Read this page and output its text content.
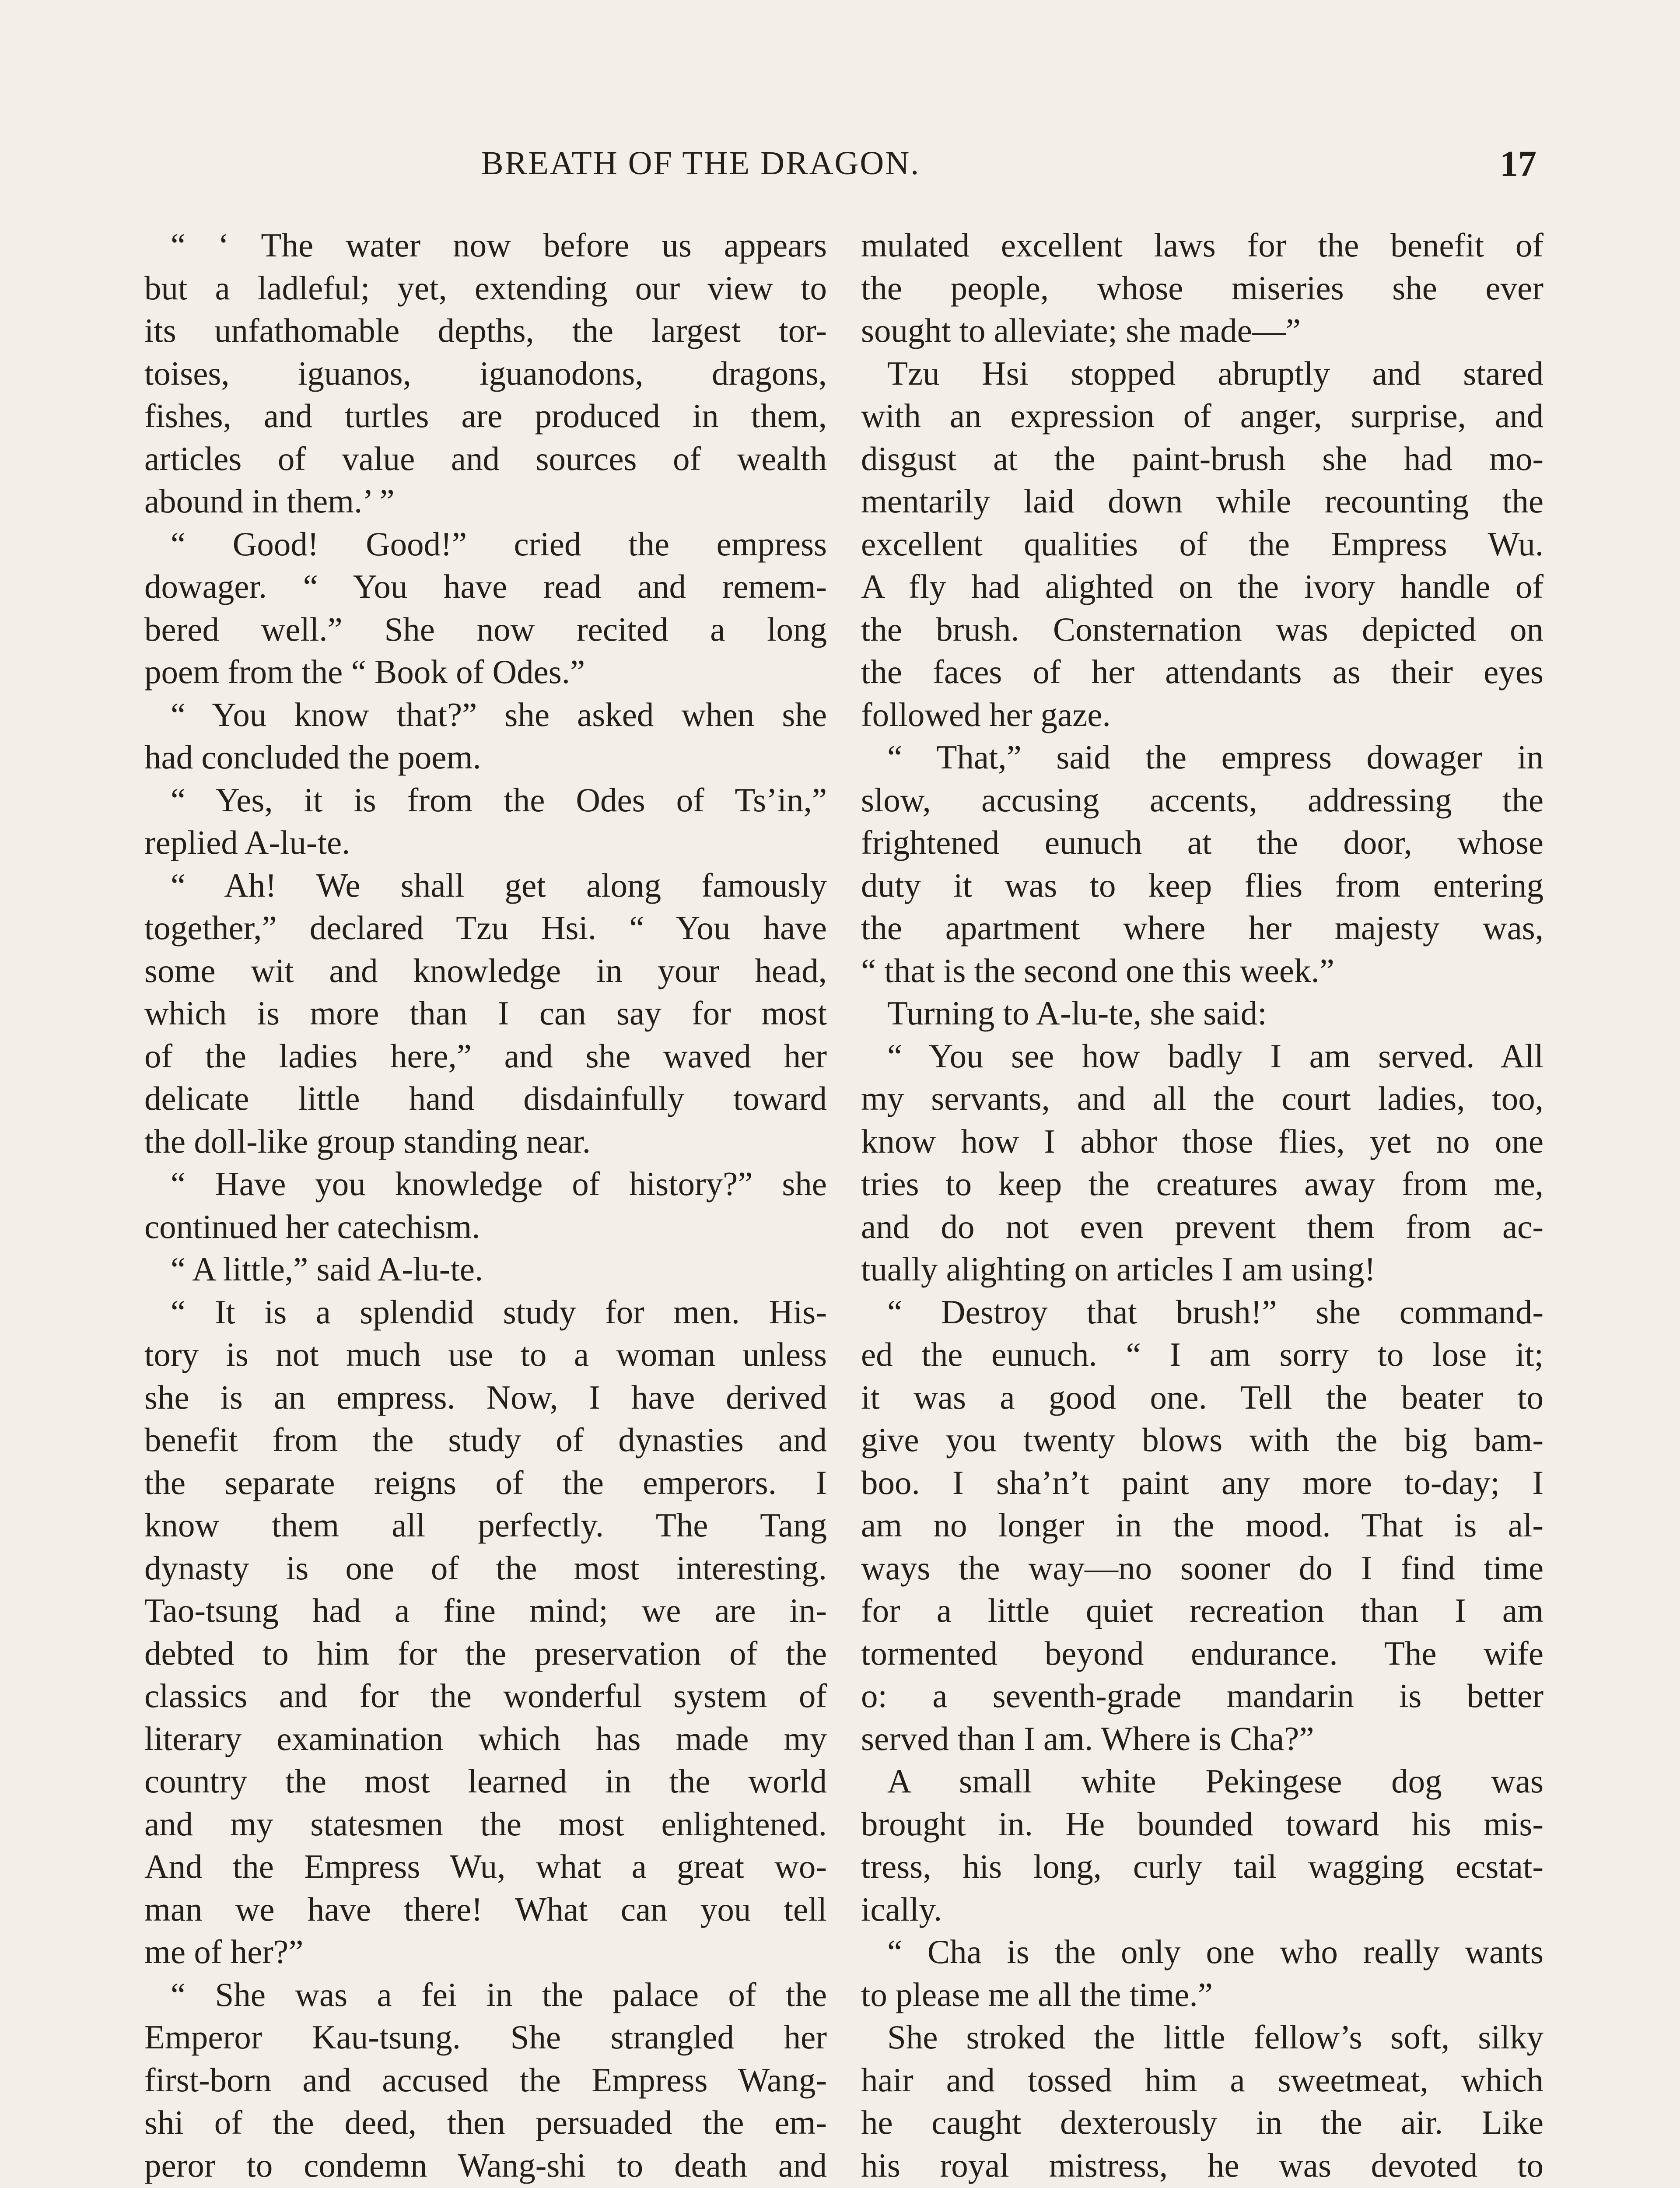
BREATH OF THE DRAGON.	17
“ ‘ The water now before us appears
but a ladleful; yet, extending our view to
its unfathomable depths, the largest tor-
toises, iguanos, iguanodons, dragons,
fishes, and turtles are produced in them,
articles of value and sources of wealth
abound in them.’ ”
“ Good! Good!” cried the empress
dowager. “ You have read and remem-
bered well.” She now recited a long
poem from the “ Book of Odes.”
“ You know that?” she asked when she
had concluded the poem.
“ Yes, it is from the Odes of Ts’in,”
replied A-lu-te.
“ Ah! We shall get along famously
together,” declared Tzu Hsi. “ You have
some wit and knowledge in your head,
which is more than I can say for most
of the ladies here,” and she waved her
delicate little hand disdainfully toward
the doll-like group standing near.
“ Have you knowledge of history?” she
continued her catechism.
“ A little,” said A-lu-te.
“ It is a splendid study for men. His-
tory is not much use to a woman unless
she is an empress. Now, I have derived
benefit from the study of dynasties and
the separate reigns of the emperors. I
know them all perfectly. The Tang
dynasty is one of the most interesting.
Tao-tsung had a fine mind; we are in-
debted to him for the preservation of the
classics and for the wonderful system of
literary examination which has made my
country the most learned in the world
and my statesmen the most enlightened.
And the Empress Wu, what a great wo-
man we have there! What can you tell
me of her?”
“ She was a fei in the palace of the
Emperor Kau-tsung. She strangled her
first-born and accused the Empress Wang-
shi of the deed, then persuaded the em-
peror to condemn Wang-shi to death and
mulated excellent laws for the benefit of
the people, whose miseries she ever
sought to alleviate; she made—”
Tzu Hsi stopped abruptly and stared
with an expression of anger, surprise, and
disgust at the paint-brush she had mo-
mentarily laid down while recounting the
excellent qualities of the Empress Wu.
A fly had alighted on the ivory handle of
the brush. Consternation was depicted on
the faces of her attendants as their eyes
followed her gaze.
“ That,” said the empress dowager in
slow, accusing accents, addressing the
frightened eunuch at the door, whose
duty it was to keep flies from entering
the apartment where her majesty was,
“ that is the second one this week.”
Turning to A-lu-te, she said:
“ You see how badly I am served. All
my servants, and all the court ladies, too,
know how I abhor those flies, yet no one
tries to keep the creatures away from me,
and do not even prevent them from ac-
tually alighting on articles I am using!
“ Destroy that brush!” she command-
ed the eunuch. “ I am sorry to lose it;
it was a good one. Tell the beater to
give you twenty blows with the big bam-
boo. I sha’n’t paint any more to-day; I
am no longer in the mood. That is al-
ways the way—no sooner do I find time
for a little quiet recreation than I am
tormented beyond endurance. The wife
o: a seventh-grade mandarin is better
served than I am. Where is Cha?”
A small white Pekingese dog was
brought in. He bounded toward his mis-
tress, his long, curly tail wagging ecstat-
ically.
“ Cha is the only one who really wants
to please me all the time.”
She stroked the little fellow’s soft, silky
hair and tossed him a sweetmeat, which
he caught dexterously in the air. Like
his royal mistress, he was devoted to
